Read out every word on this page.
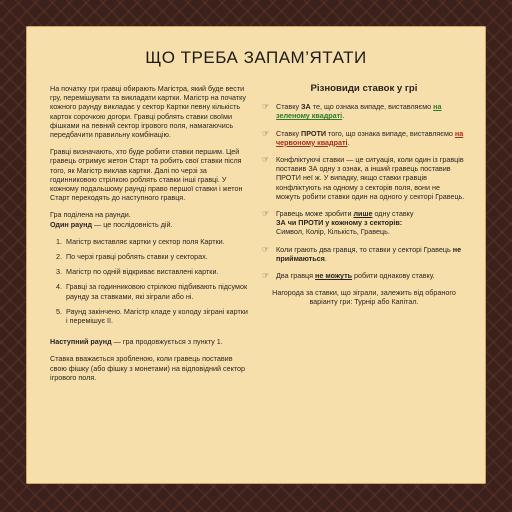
ЩО ТРЕБА ЗАПАМ’ЯТАТИ

На початку гри гравці обирають Магістра, який буде вести гру, перемішувати та викладати картки. Магістр на початку кожного раунду викладає у сектор Картки певну кількість карток сорочкою догори. Гравці роблять ставки своїми фішками на певний сектор ігрового поля, намагаючись передбачити правильну комбінацію.

Гравці визначають, хто буде робити ставки першим. Цей гравець отримує жетон Старт та робить свої ставки після того, як Магістр виклав картки. Далі по черзі за годинниковою стрілкою роблять ставки інші гравці. У кожному подальшому раунді право першої ставки і жетон Старт переходять до наступного гравця.

Гра поділена на раунди.
Один раунд — це послідовність дій.

1. Магістр виставляє картки у сектор поля Картки.
2. По черзі гравці роблять ставки у секторах.
3. Магістр по одній відкриває виставлені картки.
4. Гравці за годинниковою стрілкою підбивають підсумок раунду за ставками, які зіграли або ні.
5. Раунд закінчено. Магістр кладе у колоду зіграні картки і перемішує її.

Наступний раунд — гра продовжується з пункту 1.

Ставка вважається зробленою, коли гравець поставив свою фішку (або фішку з монетами) на відповідний сектор ігрового поля.

Різновиди ставок у грі

☞ Ставку ЗА те, що ознака випаде, виставляємо на зеленому квадраті.
☞ Ставку ПРОТИ того, що ознака випаде, виставляємо на червоному квадраті.
☞ Конфліктуючі ставки — це ситуація, коли один із гравців поставив ЗА одну з ознак, а інший гравець поставив ПРОТИ неї ж. У випадку, якщо ставки гравців конфліктують на одному з секторів поля, вони не можуть робити ставки один на одного у секторі Гравець.
☞ Гравець може зробити лише одну ставку
ЗА чи ПРОТИ у кожному з секторів:
Символ, Колір, Кількість, Гравець.
☞ Коли грають два гравця, то ставки у секторі Гравець не приймаються.
☞ Два гравця не можуть робити однакову ставку.

Нагорода за ставки, що зіграли, залежить від обраного варіанту гри: Турнір або Капітал.
